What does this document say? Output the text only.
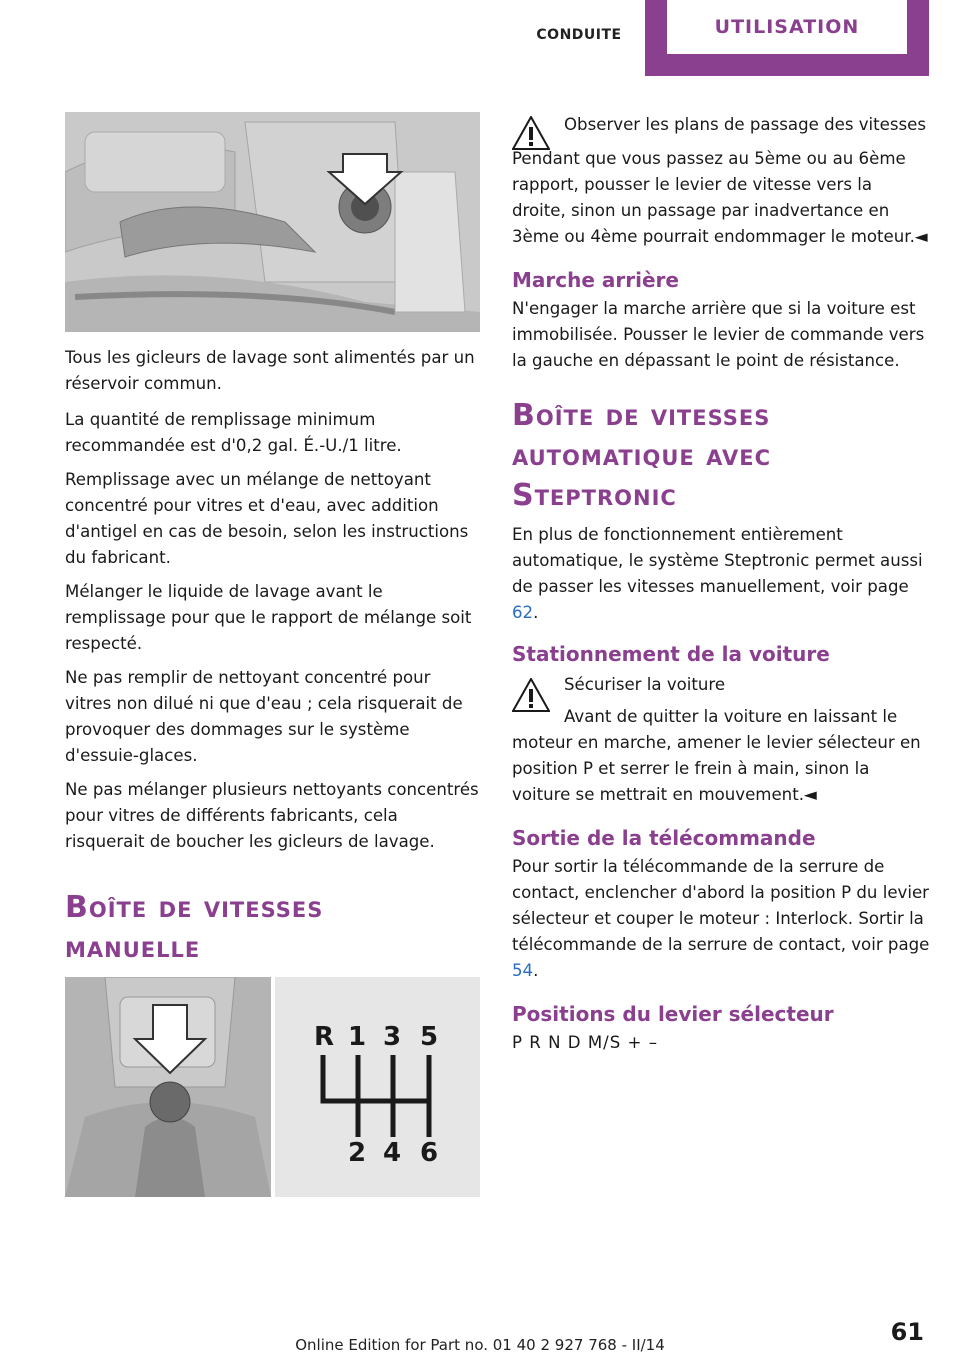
CONDUITE	UTILISATION

Tous les gicleurs de lavage sont alimentés par un réservoir commun.

La quantité de remplissage minimum recommandée est d'0,2 gal. É.-U./1 litre.

Remplissage avec un mélange de nettoyant concentré pour vitres et d'eau, avec addition d'antigel en cas de besoin, selon les instructions du fabricant.

Mélanger le liquide de lavage avant le remplissage pour que le rapport de mélange soit respecté.

Ne pas remplir de nettoyant concentré pour vitres non dilué ni que d'eau ; cela risquerait de provoquer des dommages sur le système d'essuie-glaces.

Ne pas mélanger plusieurs nettoyants concentrés pour vitres de différents fabricants, cela risquerait de boucher les gicleurs de lavage.

Boîte de vitesses manuelle
R 1 3 5
2 4 6

Observer les plans de passage des vitesses

Pendant que vous passez au 5ème ou au 6ème rapport, pousser le levier de vitesse vers la droite, sinon un passage par inadvertance en 3ème ou 4ème pourrait endommager le moteur.◄

Marche arrière

N'engager la marche arrière que si la voiture est immobilisée. Pousser le levier de commande vers la gauche en dépassant le point de résistance.

Boîte de vitesses automatique avec Steptronic

En plus de fonctionnement entièrement automatique, le système Steptronic permet aussi de passer les vitesses manuellement, voir page 62.

Stationnement de la voiture

Sécuriser la voiture

Avant de quitter la voiture en laissant le moteur en marche, amener le levier sélecteur en position P et serrer le frein à main, sinon la voiture se mettrait en mouvement.◄

Sortie de la télécommande

Pour sortir la télécommande de la serrure de contact, enclencher d'abord la position P du levier sélecteur et couper le moteur : Interlock. Sortir la télécommande de la serrure de contact, voir page 54.

Positions du levier sélecteur

P R N D M/S + –

61
Online Edition for Part no. 01 40 2 927 768 - II/14
